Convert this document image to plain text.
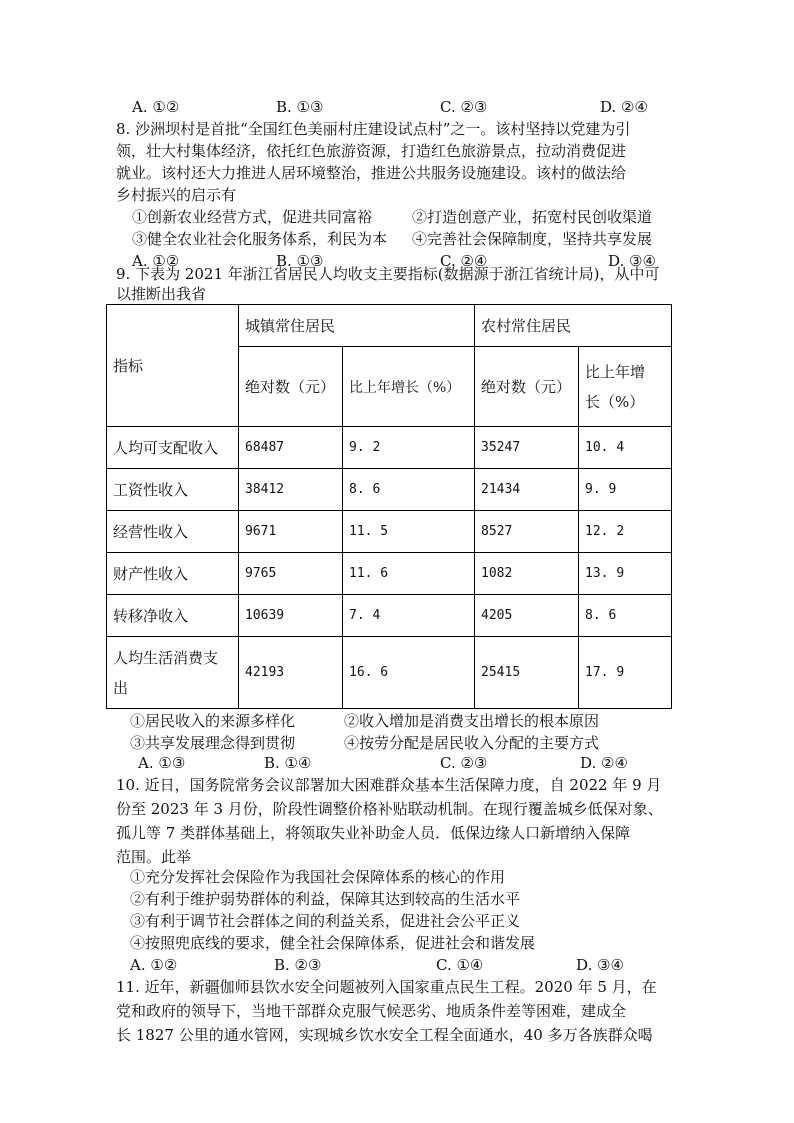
A. ①②	B. ①③	C. ②③	D. ②④
8. 沙洲坝村是首批“全国红色美丽村庄建设试点村”之一。该村坚持以党建为引
领，壮大村集体经济，依托红色旅游资源，打造红色旅游景点，拉动消费促进
就业。该村还大力推进人居环境整治，推进公共服务设施建设。该村的做法给
乡村振兴的启示有
①创新农业经营方式，促进共同富裕	②打造创意产业，拓宽村民创收渠道
③健全农业社会化服务体系，利民为本 ④完善社会保障制度，坚持共享发展
A. ①②	B. ①③	C. ②④	D. ③④
9. 下表为 2021 年浙江省居民人均收支主要指标(数据源于浙江省统计局)，从中可
以推断出我省
指标	城镇常住居民		农村常住居民	
	绝对数（元）	比上年增长（%）	绝对数（元）	比上年增
长（%）
人均可支配收入	68487	9. 2	35247	10. 4
工资性收入	38412	8. 6	21434	9. 9
经营性收入	9671	11. 5	8527	12. 2
财产性收入	9765	11. 6	1082	13. 9
转移净收入	10639	7. 4	4205	8. 6
人均生活消费支
出	42193	16. 6	25415	17. 9
①居民收入的来源多样化	②收入增加是消费支出增长的根本原因
③共享发展理念得到贯彻	④按劳分配是居民收入分配的主要方式
A. ①③	B. ①④	C. ②③	D. ②④
10. 近日，国务院常务会议部署加大困难群众基本生活保障力度，自 2022 年 9 月
份至 2023 年 3 月份，阶段性调整价格补贴联动机制。在现行覆盖城乡低保对象、
孤儿等 7 类群体基础上，将领取失业补助金人员．低保边缘人口新增纳入保障
范围。此举
①充分发挥社会保险作为我国社会保障体系的核心的作用
②有利于维护弱势群体的利益，保障其达到较高的生活水平
③有利于调节社会群体之间的利益关系，促进社会公平正义
④按照兜底线的要求，健全社会保障体系，促进社会和谐发展
A. ①②	B. ②③	C. ①④	D. ③④
11. 近年，新疆伽师县饮水安全问题被列入国家重点民生工程。2020 年 5 月，在
党和政府的领导下，当地干部群众克服气候恶劣、地质条件差等困难，建成全
长 1827 公里的通水管网，实现城乡饮水安全工程全面通水，40 多万各族群众喝
